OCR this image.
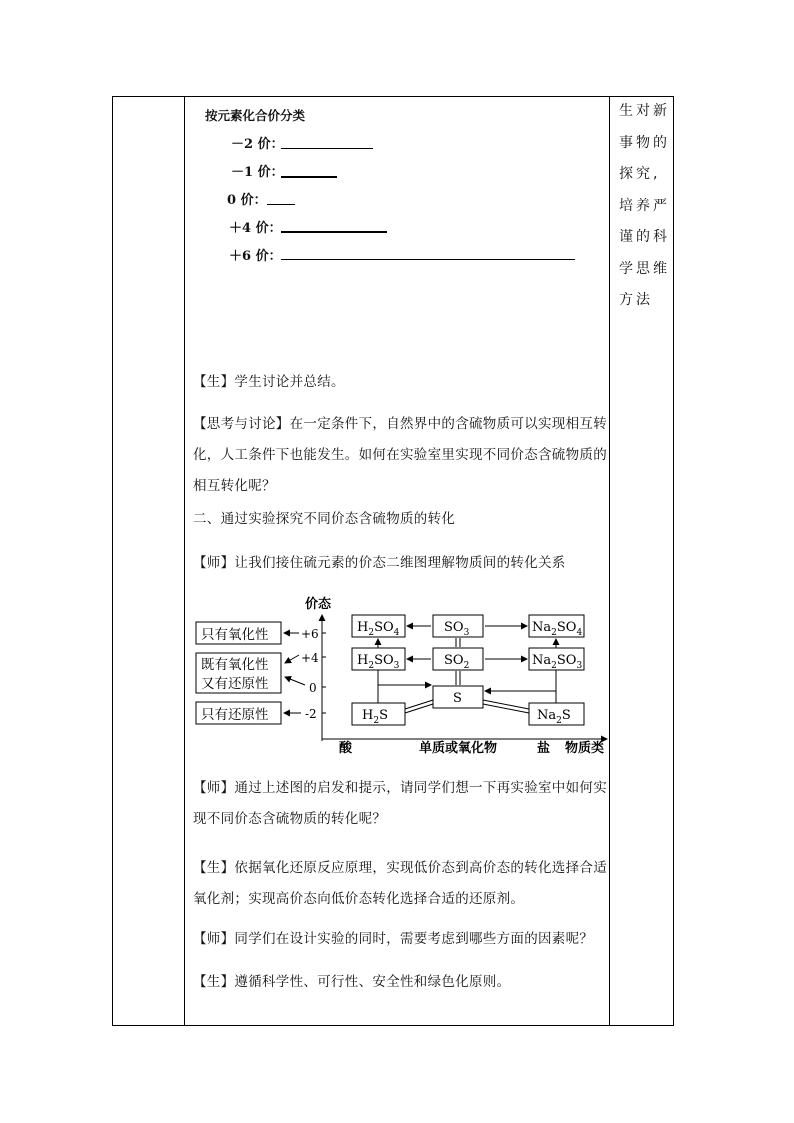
按元素化合价分类
－2 价：
－1 价：
0 价：
＋4 价：
＋6 价：
【生】学生讨论并总结。
【思考与讨论】在一定条件下，自然界中的含硫物质可以实现相互转化，人工条件下也能发生。如何在实验室里实现不同价态含硫物质的相互转化呢？
二、通过实验探究不同价态含硫物质的转化
【师】让我们接住硫元素的价态二维图理解物质间的转化关系
价态
物质类
酸	单质或氧化物	盐
+6
+4
0
-2
只有氧化性
既有氧化性
又有还原性
只有还原性
$H_2SO_4$	$SO_3$	$Na_2SO_4$
$H_2SO_3$	$SO_2$	$Na_2SO_3$
S
$H_2S$	$Na_2S$
【师】通过上述图的启发和提示，请同学们想一下再实验室中如何实现不同价态含硫物质的转化呢？
【生】依据氧化还原反应原理，实现低价态到高价态的转化选择合适氧化剂；实现高价态向低价态转化选择合适的还原剂。
【师】同学们在设计实验的同时，需要考虑到哪些方面的因素呢？
【生】遵循科学性、可行性、安全性和绿色化原则。
生对新事物的探究,培养严谨的科学思维方法
